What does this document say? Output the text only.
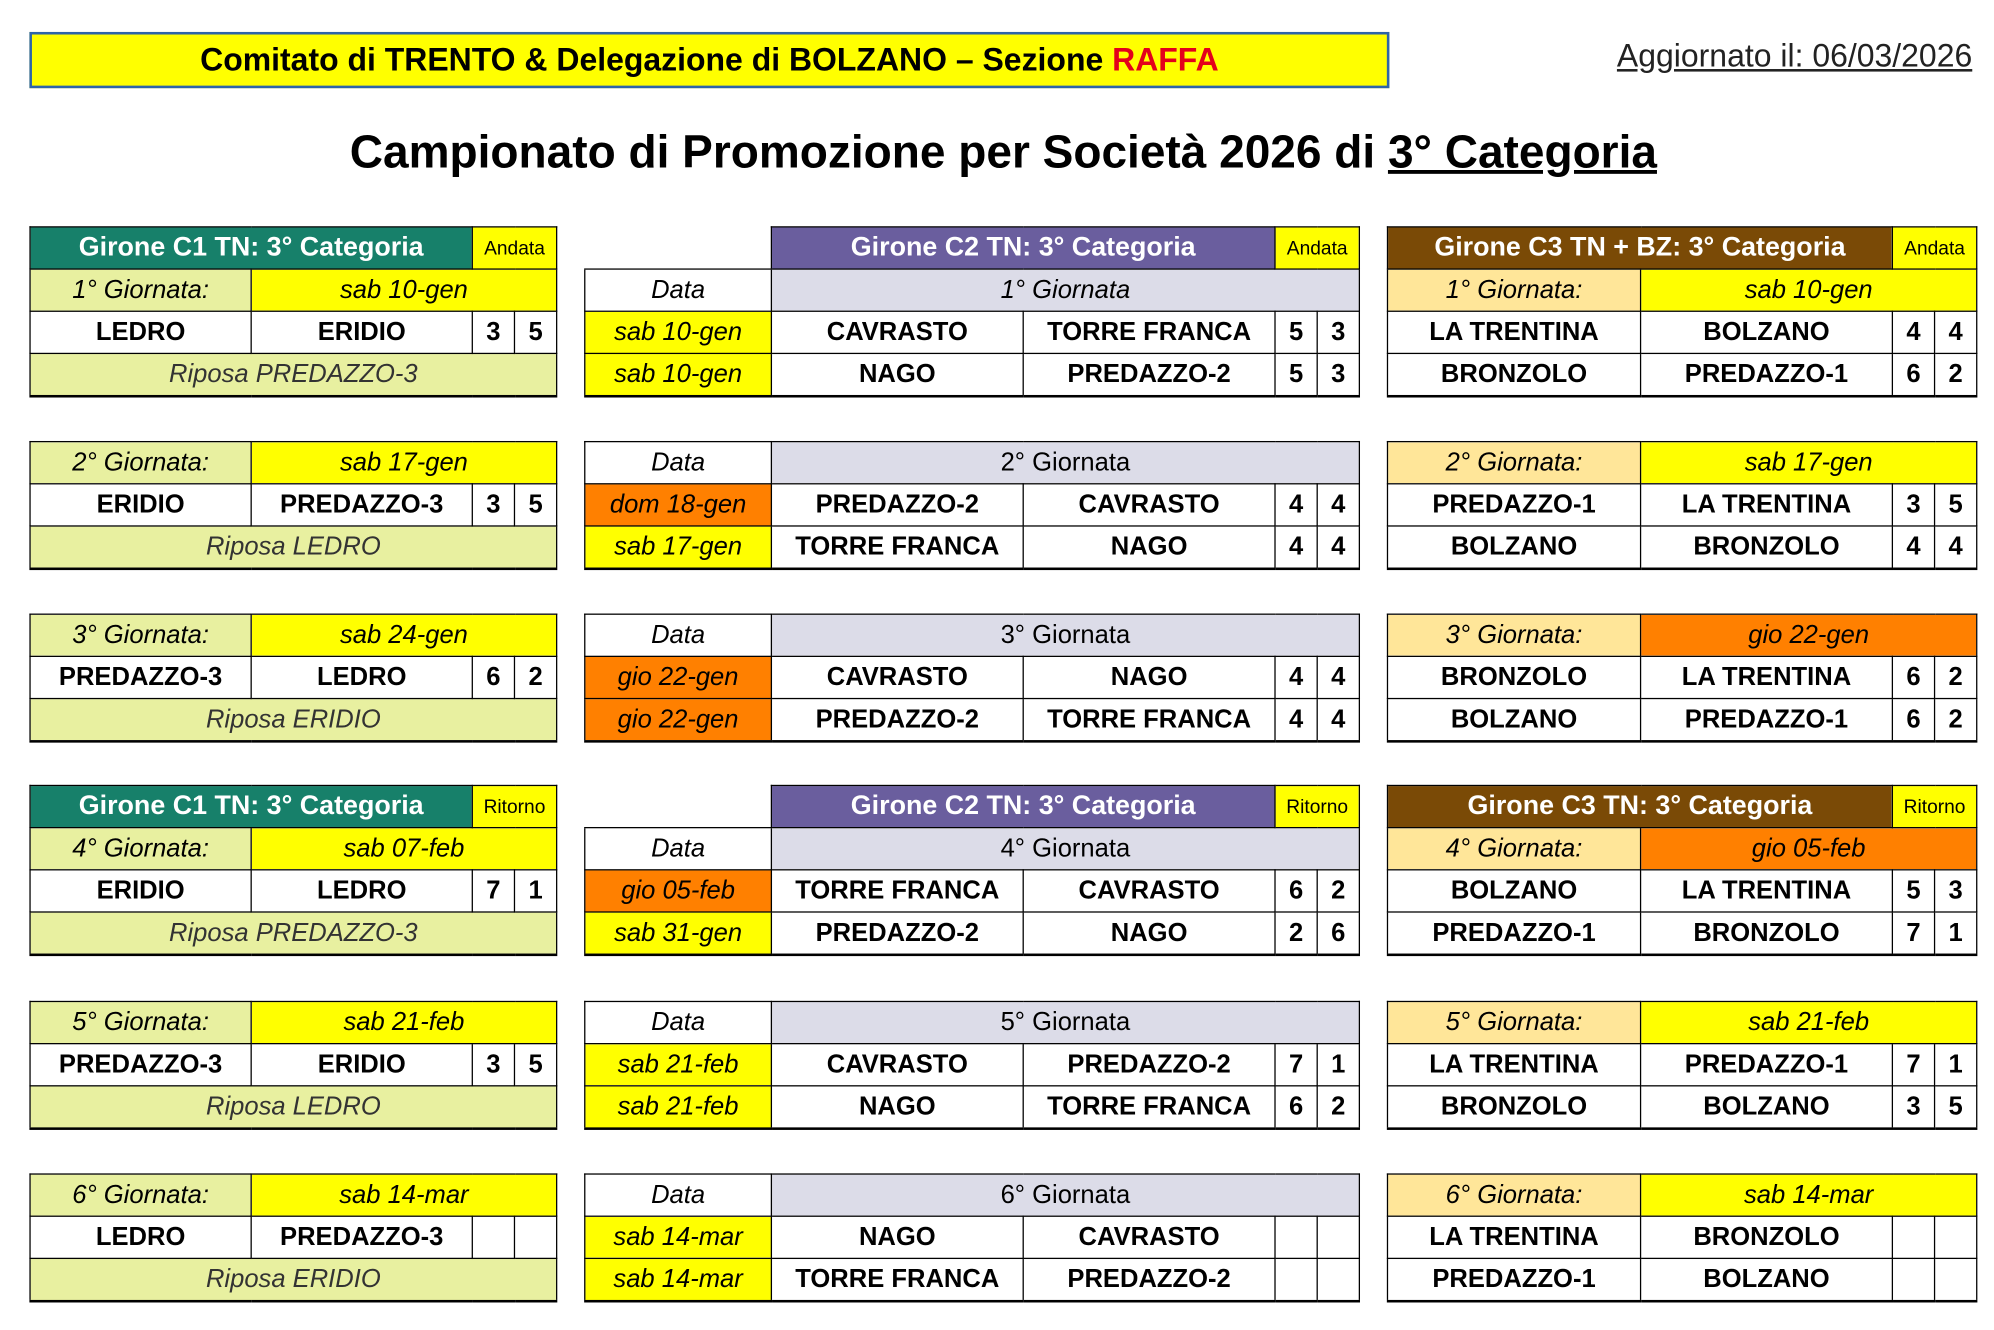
Comitato di TRENTO & Delegazione di BOLZANO – Sezione RAFFA	Aggiornato il: 06/03/2026
Campionato di Promozione per Società 2026 di 3° Categoria
Girone C1 TN: 3° Categoria		Andata	
1° Giornata:	sab 10-gen		
LEDRO	ERIDIO	3	5
Riposa PREDAZZO-3			
2° Giornata:	sab 17-gen		
ERIDIO	PREDAZZO-3	3	5
Riposa LEDRO			
3° Giornata:	sab 24-gen		
PREDAZZO-3	LEDRO	6	2
Riposa ERIDIO			
Girone C1 TN: 3° Categoria		Ritorno	
4° Giornata:	sab 07-feb		
ERIDIO	LEDRO	7	1
Riposa PREDAZZO-3			
5° Giornata:	sab 21-feb		
PREDAZZO-3	ERIDIO	3	5
Riposa LEDRO			
6° Giornata:	sab 14-mar		
LEDRO	PREDAZZO-3		
Riposa ERIDIO			
	Girone C2 TN: 3° Categoria		Andata	
Data	1° Giornata			
sab 10-gen	CAVRASTO	TORRE FRANCA	5	3
sab 10-gen	NAGO	PREDAZZO-2	5	3
Data	2° Giornata			
dom 18-gen	PREDAZZO-2	CAVRASTO	4	4
sab 17-gen	TORRE FRANCA	NAGO	4	4
Data	3° Giornata			
gio 22-gen	CAVRASTO	NAGO	4	4
gio 22-gen	PREDAZZO-2	TORRE FRANCA	4	4
	Girone C2 TN: 3° Categoria		Ritorno	
Data	4° Giornata			
gio 05-feb	TORRE FRANCA	CAVRASTO	6	2
sab 31-gen	PREDAZZO-2	NAGO	2	6
Data	5° Giornata			
sab 21-feb	CAVRASTO	PREDAZZO-2	7	1
sab 21-feb	NAGO	TORRE FRANCA	6	2
Data	6° Giornata			
sab 14-mar	NAGO	CAVRASTO		
sab 14-mar	TORRE FRANCA	PREDAZZO-2		
Girone C3 TN + BZ: 3° Categoria		Andata	
1° Giornata:	sab 10-gen		
LA TRENTINA	BOLZANO	4	4
BRONZOLO	PREDAZZO-1	6	2
2° Giornata:	sab 17-gen		
PREDAZZO-1	LA TRENTINA	3	5
BOLZANO	BRONZOLO	4	4
3° Giornata:	gio 22-gen		
BRONZOLO	LA TRENTINA	6	2
BOLZANO	PREDAZZO-1	6	2
Girone C3 TN: 3° Categoria		Ritorno	
4° Giornata:	gio 05-feb		
BOLZANO	LA TRENTINA	5	3
PREDAZZO-1	BRONZOLO	7	1
5° Giornata:	sab 21-feb		
LA TRENTINA	PREDAZZO-1	7	1
BRONZOLO	BOLZANO	3	5
6° Giornata:	sab 14-mar		
LA TRENTINA	BRONZOLO		
PREDAZZO-1	BOLZANO		
